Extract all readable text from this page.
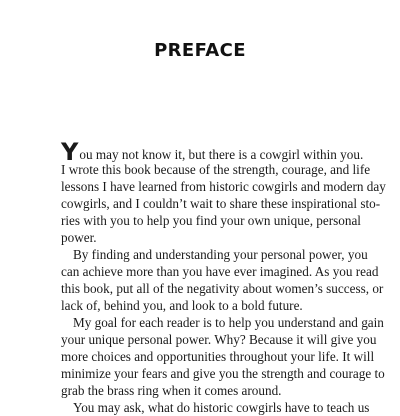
PREFACE
You may not know it, but there is a cowgirl within you.
I wrote this book because of the strength, courage, and life
lessons I have learned from historic cowgirls and modern day
cowgirls, and I couldn’t wait to share these inspirational sto-
ries with you to help you find your own unique, personal
power.
By finding and understanding your personal power, you
can achieve more than you have ever imagined. As you read
this book, put all of the negativity about women’s success, or
lack of, behind you, and look to a bold future.
My goal for each reader is to help you understand and gain
your unique personal power. Why? Because it will give you
more choices and opportunities throughout your life. It will
minimize your fears and give you the strength and courage to
grab the brass ring when it comes around.
You may ask, what do historic cowgirls have to teach us
